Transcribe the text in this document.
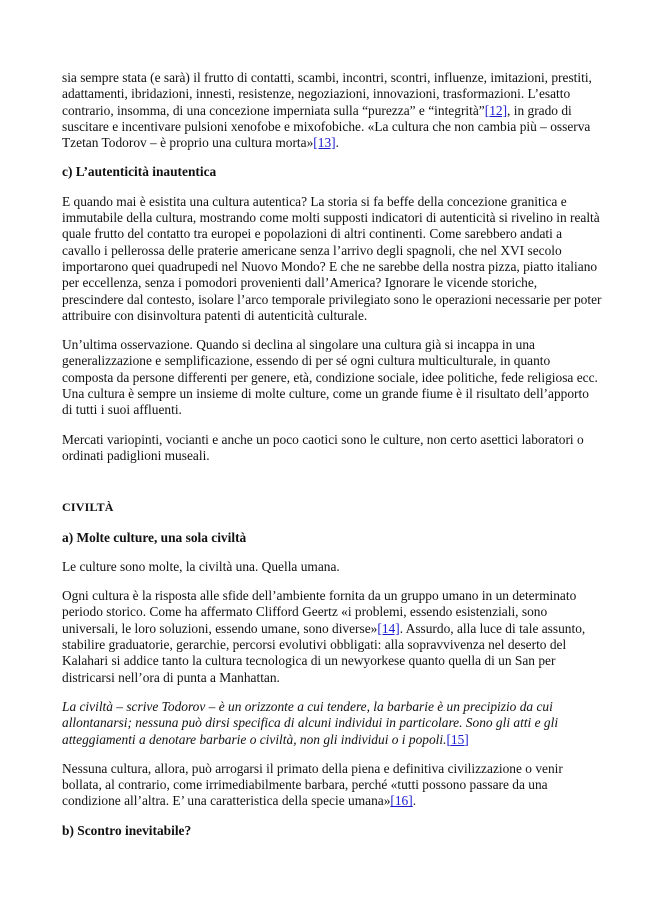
sia sempre stata (e sarà) il frutto di contatti, scambi, incontri, scontri, influenze, imitazioni, prestiti, adattamenti, ibridazioni, innesti, resistenze, negoziazioni, innovazioni, trasformazioni. L’esatto contrario, insomma, di una concezione imperniata sulla “purezza” e “integrità”[12], in grado di suscitare e incentivare pulsioni xenofobe e mixofobiche. «La cultura che non cambia più – osserva Tzetan Todorov – è proprio una cultura morta»[13].

c) L’autenticità inautentica

E quando mai è esistita una cultura autentica? La storia si fa beffe della concezione granitica e immutabile della cultura, mostrando come molti supposti indicatori di autenticità si rivelino in realtà quale frutto del contatto tra europei e popolazioni di altri continenti. Come sarebbero andati a cavallo i pellerossa delle praterie americane senza l’arrivo degli spagnoli, che nel XVI secolo importarono quei quadrupedi nel Nuovo Mondo? E che ne sarebbe della nostra pizza, piatto italiano per eccellenza, senza i pomodori provenienti dall’America? Ignorare le vicende storiche, prescindere dal contesto, isolare l’arco temporale privilegiato sono le operazioni necessarie per poter attribuire con disinvoltura patenti di autenticità culturale.

Un’ultima osservazione. Quando si declina al singolare una cultura già si incappa in una generalizzazione e semplificazione, essendo di per sé ogni cultura multiculturale, in quanto composta da persone differenti per genere, età, condizione sociale, idee politiche, fede religiosa ecc. Una cultura è sempre un insieme di molte culture, come un grande fiume è il risultato dell’apporto di tutti i suoi affluenti.

Mercati variopinti, vocianti e anche un poco caotici sono le culture, non certo asettici laboratori o ordinati padiglioni museali.

CIVILTÀ

a) Molte culture, una sola civiltà

Le culture sono molte, la civiltà una. Quella umana.

Ogni cultura è la risposta alle sfide dell’ambiente fornita da un gruppo umano in un determinato periodo storico. Come ha affermato Clifford Geertz «i problemi, essendo esistenziali, sono universali, le loro soluzioni, essendo umane, sono diverse»[14]. Assurdo, alla luce di tale assunto, stabilire graduatorie, gerarchie, percorsi evolutivi obbligati: alla sopravvivenza nel deserto del Kalahari si addice tanto la cultura tecnologica di un newyorkese quanto quella di un San per districarsi nell’ora di punta a Manhattan.

La civiltà – scrive Todorov – è un orizzonte a cui tendere, la barbarie è un precipizio da cui allontanarsi; nessuna può dirsi specifica di alcuni individui in particolare. Sono gli atti e gli atteggiamenti a denotare barbarie o civiltà, non gli individui o i popoli.[15]

Nessuna cultura, allora, può arrogarsi il primato della piena e definitiva civilizzazione o venir bollata, al contrario, come irrimediabilmente barbara, perché «tutti possono passare da una condizione all’altra. E’ una caratteristica della specie umana»[16].

b) Scontro inevitabile?
